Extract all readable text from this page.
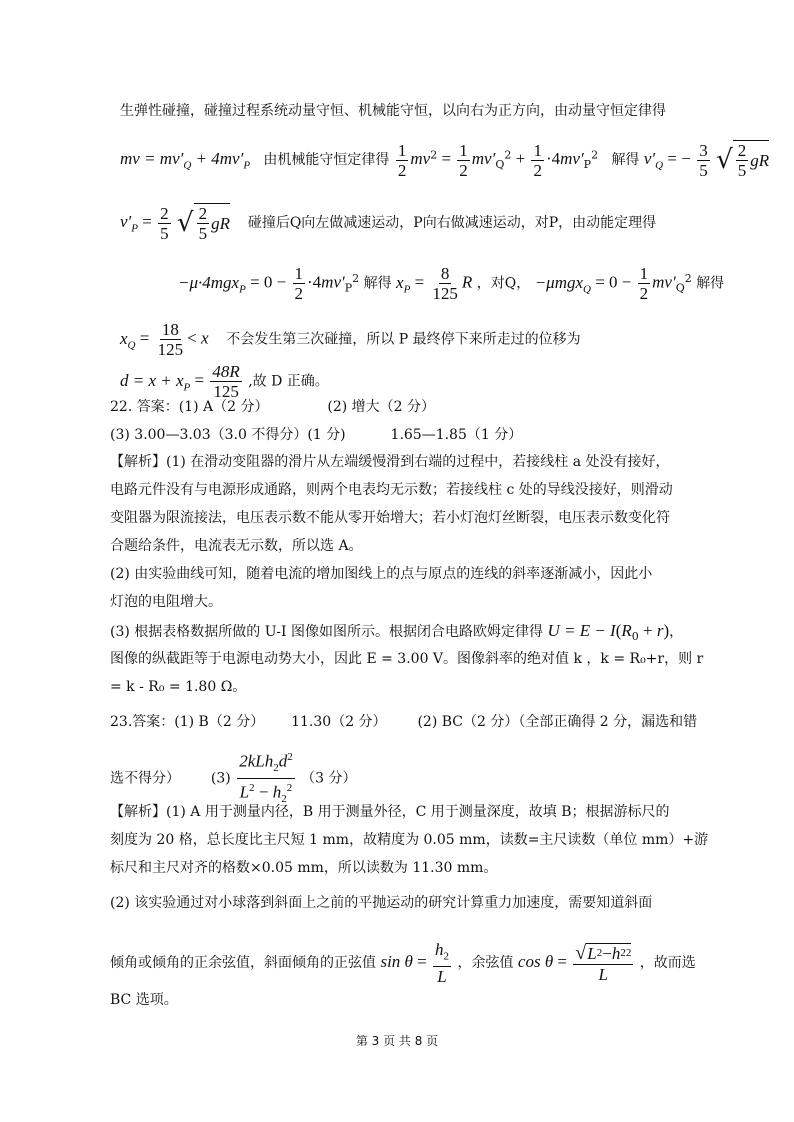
生弹性碰撞，碰撞过程系统动量守恒、机械能守恒，以向右为正方向，由动量守恒定律得
mv = $mv'_Q + 4mv'_P$ 由机械能守恒定律得 $\frac{1}{2} mv^2 = \frac{1}{2} mv'_Q^2 + \frac{1}{2} \cdot 4mv'_P^2$ 解得 $v'_Q$ = − $\frac{3}{5}$
√ 2
5
gR
$v'_P = \frac{2}{5}$
√ 2
5
gR 碰撞后Q向左做减速运动，P向右做减速运动，对P，由动能定理得
$-\mu\cdot 4mgx_P = 0 - \frac{1}{2} \cdot 4mv'_P^2$ 解得 $x_P = \frac{8}{125}$ R ，对Q， $-\mu mgx_Q = 0 - \frac{1}{2} mv'_Q^2$ 解得
$x_Q = \frac{18}{125} < x$ 不会发生第三次碰撞，所以 P 最终停下来所走过的位移为
$d = x + x_P = \frac{48R}{125}$ ,故 D 正确。
22. 答案：(1) A（2 分）	(2) 增大（2 分）
(3) 3.00—3.03（3.0 不得分）(1 分)	1.65—1.85（1 分）
【解析】(1) 在滑动变阻器的滑片从左端缓慢滑到右端的过程中，若接线柱 a 处没有接好，
电路元件没有与电源形成通路，则两个电表均无示数；若接线柱 c 处的导线没接好，则滑动
变阻器为限流接法，电压表示数不能从零开始增大；若小灯泡灯丝断裂，电压表示数变化符
合题给条件，电流表无示数，所以选 A。
(2) 由实验曲线可知，随着电流的增加图线上的点与原点的连线的斜率逐渐减小，因此小
灯泡的电阻增大。
(3) 根据表格数据所做的 U-I 图像如图所示。根据闭合电路欧姆定律得 $U = E - I(R_0 + r)$，
图像的纵截距等于电源电动势大小，因此 E = 3.00 V。图像斜率的绝对值 k ，k = R₀+r，则 r
= k - R₀ = 1.80 Ω。
23.答案：(1) B（2 分） 11.30（2 分） (2) BC（2 分）（全部正确得 2 分，漏选和错
选不得分） (3)
$2kLh_2d^2$
$L^2 - h_2^2$
（3 分）
【解析】(1) A 用于测量内径，B 用于测量外径，C 用于测量深度，故填 B；根据游标尺的
刻度为 20 格，总长度比主尺短 1 mm，故精度为 0.05 mm，读数=主尺读数（单位 mm）+游
标尺和主尺对齐的格数×0.05 mm，所以读数为 11.30 mm。
(2) 该实验通过对小球落到斜面上之前的平抛运动的研究计算重力加速度，需要知道斜面
倾角或倾角的正余弦值，斜面倾角的正弦值 $\sin \theta = \frac{h_2}{L}$ ，余弦值 $\cos \theta = \frac{√ L 2 - h 2 2}{L}$ ，故而选
BC 选项。
第 3 页 共 8 页
